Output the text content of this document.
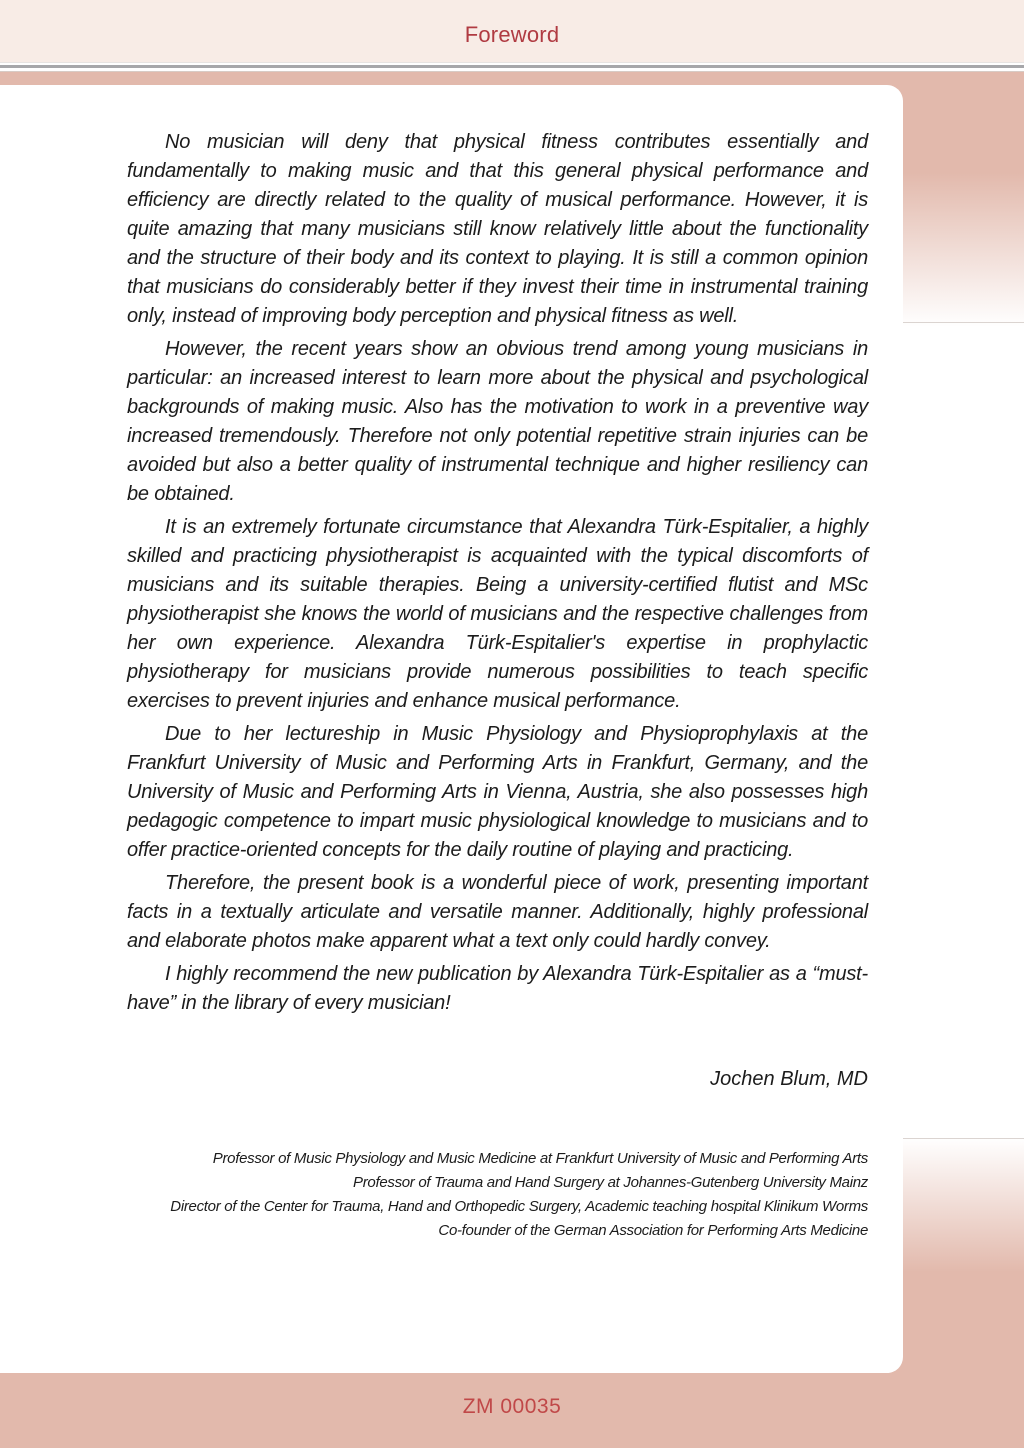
Foreword

No musician will deny that physical fitness contributes essentially and fundamentally to making music and that this general physical performance and efficiency are directly related to the quality of musical performance. However, it is quite amazing that many musicians still know relatively little about the functionality and the structure of their body and its context to playing. It is still a common opinion that musicians do considerably better if they invest their time in instrumental training only, instead of improving body perception and physical fitness as well.

However, the recent years show an obvious trend among young musicians in particular: an increased interest to learn more about the physical and psychological backgrounds of making music. Also has the motivation to work in a preventive way increased tremendously. Therefore not only potential repetitive strain injuries can be avoided but also a better quality of instrumental technique and higher resiliency can be obtained.

It is an extremely fortunate circumstance that Alexandra Türk-Espitalier, a highly skilled and practicing physiotherapist is acquainted with the typical discomforts of musicians and its suitable therapies. Being a university-certified flutist and MSc physiotherapist she knows the world of musicians and the respective challenges from her own experience. Alexandra Türk-Espitalier's expertise in prophylactic physiotherapy for musicians provide numerous possibilities to teach specific exercises to prevent injuries and enhance musical performance.

Due to her lectureship in Music Physiology and Physioprophylaxis at the Frankfurt University of Music and Performing Arts in Frankfurt, Germany, and the University of Music and Performing Arts in Vienna, Austria, she also possesses high pedagogic competence to impart music physiological knowledge to musicians and to offer practice-oriented concepts for the daily routine of playing and practicing.

Therefore, the present book is a wonderful piece of work, presenting important facts in a textually articulate and versatile manner. Additionally, highly professional and elaborate photos make apparent what a text only could hardly convey.

I highly recommend the new publication by Alexandra Türk-Espitalier as a “must-have” in the library of every musician!

Jochen Blum, MD
Professor of Music Physiology and Music Medicine at Frankfurt University of Music and Performing Arts
Professor of Trauma and Hand Surgery at Johannes-Gutenberg University Mainz
Director of the Center for Trauma, Hand and Orthopedic Surgery, Academic teaching hospital Klinikum Worms
Co-founder of the German Association for Performing Arts Medicine
ZM 00035
